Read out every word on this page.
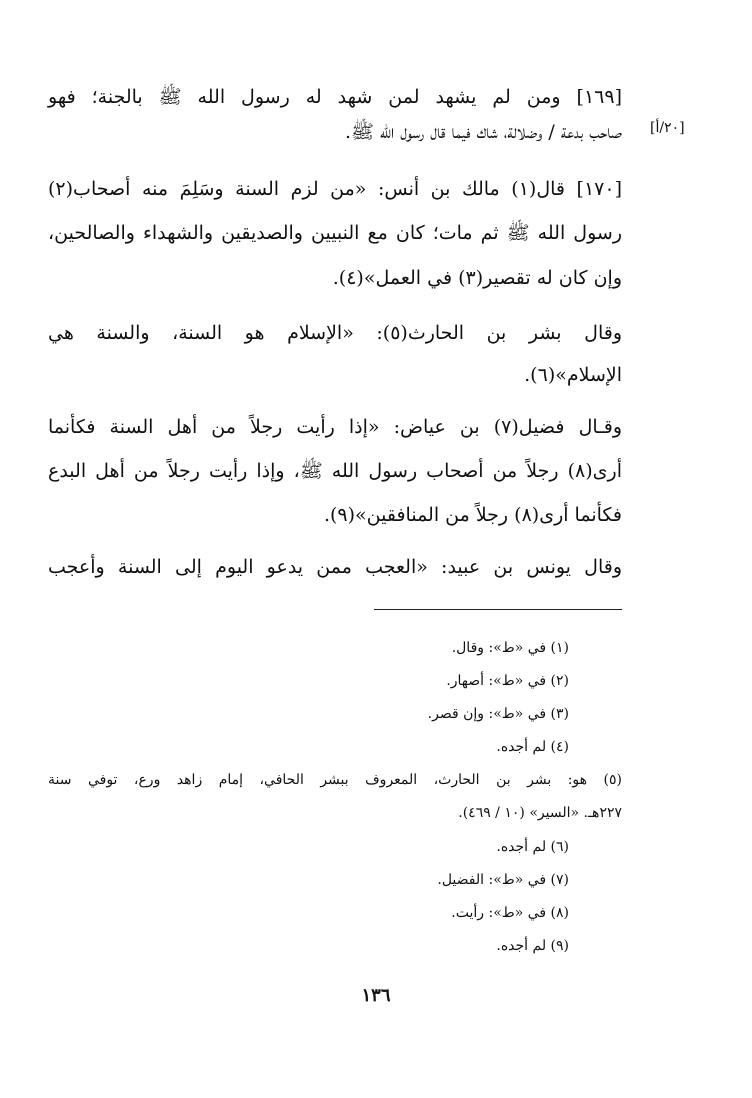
[٢٠/أ]
[١٦٩] ومن لم يشهد لمن شهد له رسول الله ﷺ بالجنة؛ فهو
صاحب بدعة / وضلالة، شاك فيما قال رسول الله ﷺ.
[١٧٠] قال(١) مالك بن أنس: «من لزم السنة وسَلِمَ منه أصحاب(٢)
رسول الله ﷺ ثم مات؛ كان مع النبيين والصديقين والشهداء والصالحين،
وإن كان له تقصير(٣) في العمل»(٤).
وقال بشر بن الحارث(٥): «الإسلام هو السنة، والسنة هي
الإسلام»(٦).
وقـال فضيل(٧) بن عياض: «إذا رأيت رجلاً من أهل السنة فكأنما
أرى(٨) رجلاً من أصحاب رسول الله ﷺ، وإذا رأيت رجلاً من أهل البدع
فكأنما أرى(٨) رجلاً من المنافقين»(٩).
وقال يونس بن عبيد: «العجب ممن يدعو اليوم إلى السنة وأعجب
(١) في «ط»: وقال.
(٢) في «ط»: أصهار.
(٣) في «ط»: وإن قصر.
(٤) لم أجده.
(٥) هو: بشر بن الحارث، المعروف ببشر الحافي، إمام زاهد ورع، توفي سنة
٢٢٧هـ. «السير» (١٠ / ٤٦٩).
(٦) لم أجده.
(٧) في «ط»: الفضيل.
(٨) في «ط»: رأيت.
(٩) لم أجده.
١٣٦
